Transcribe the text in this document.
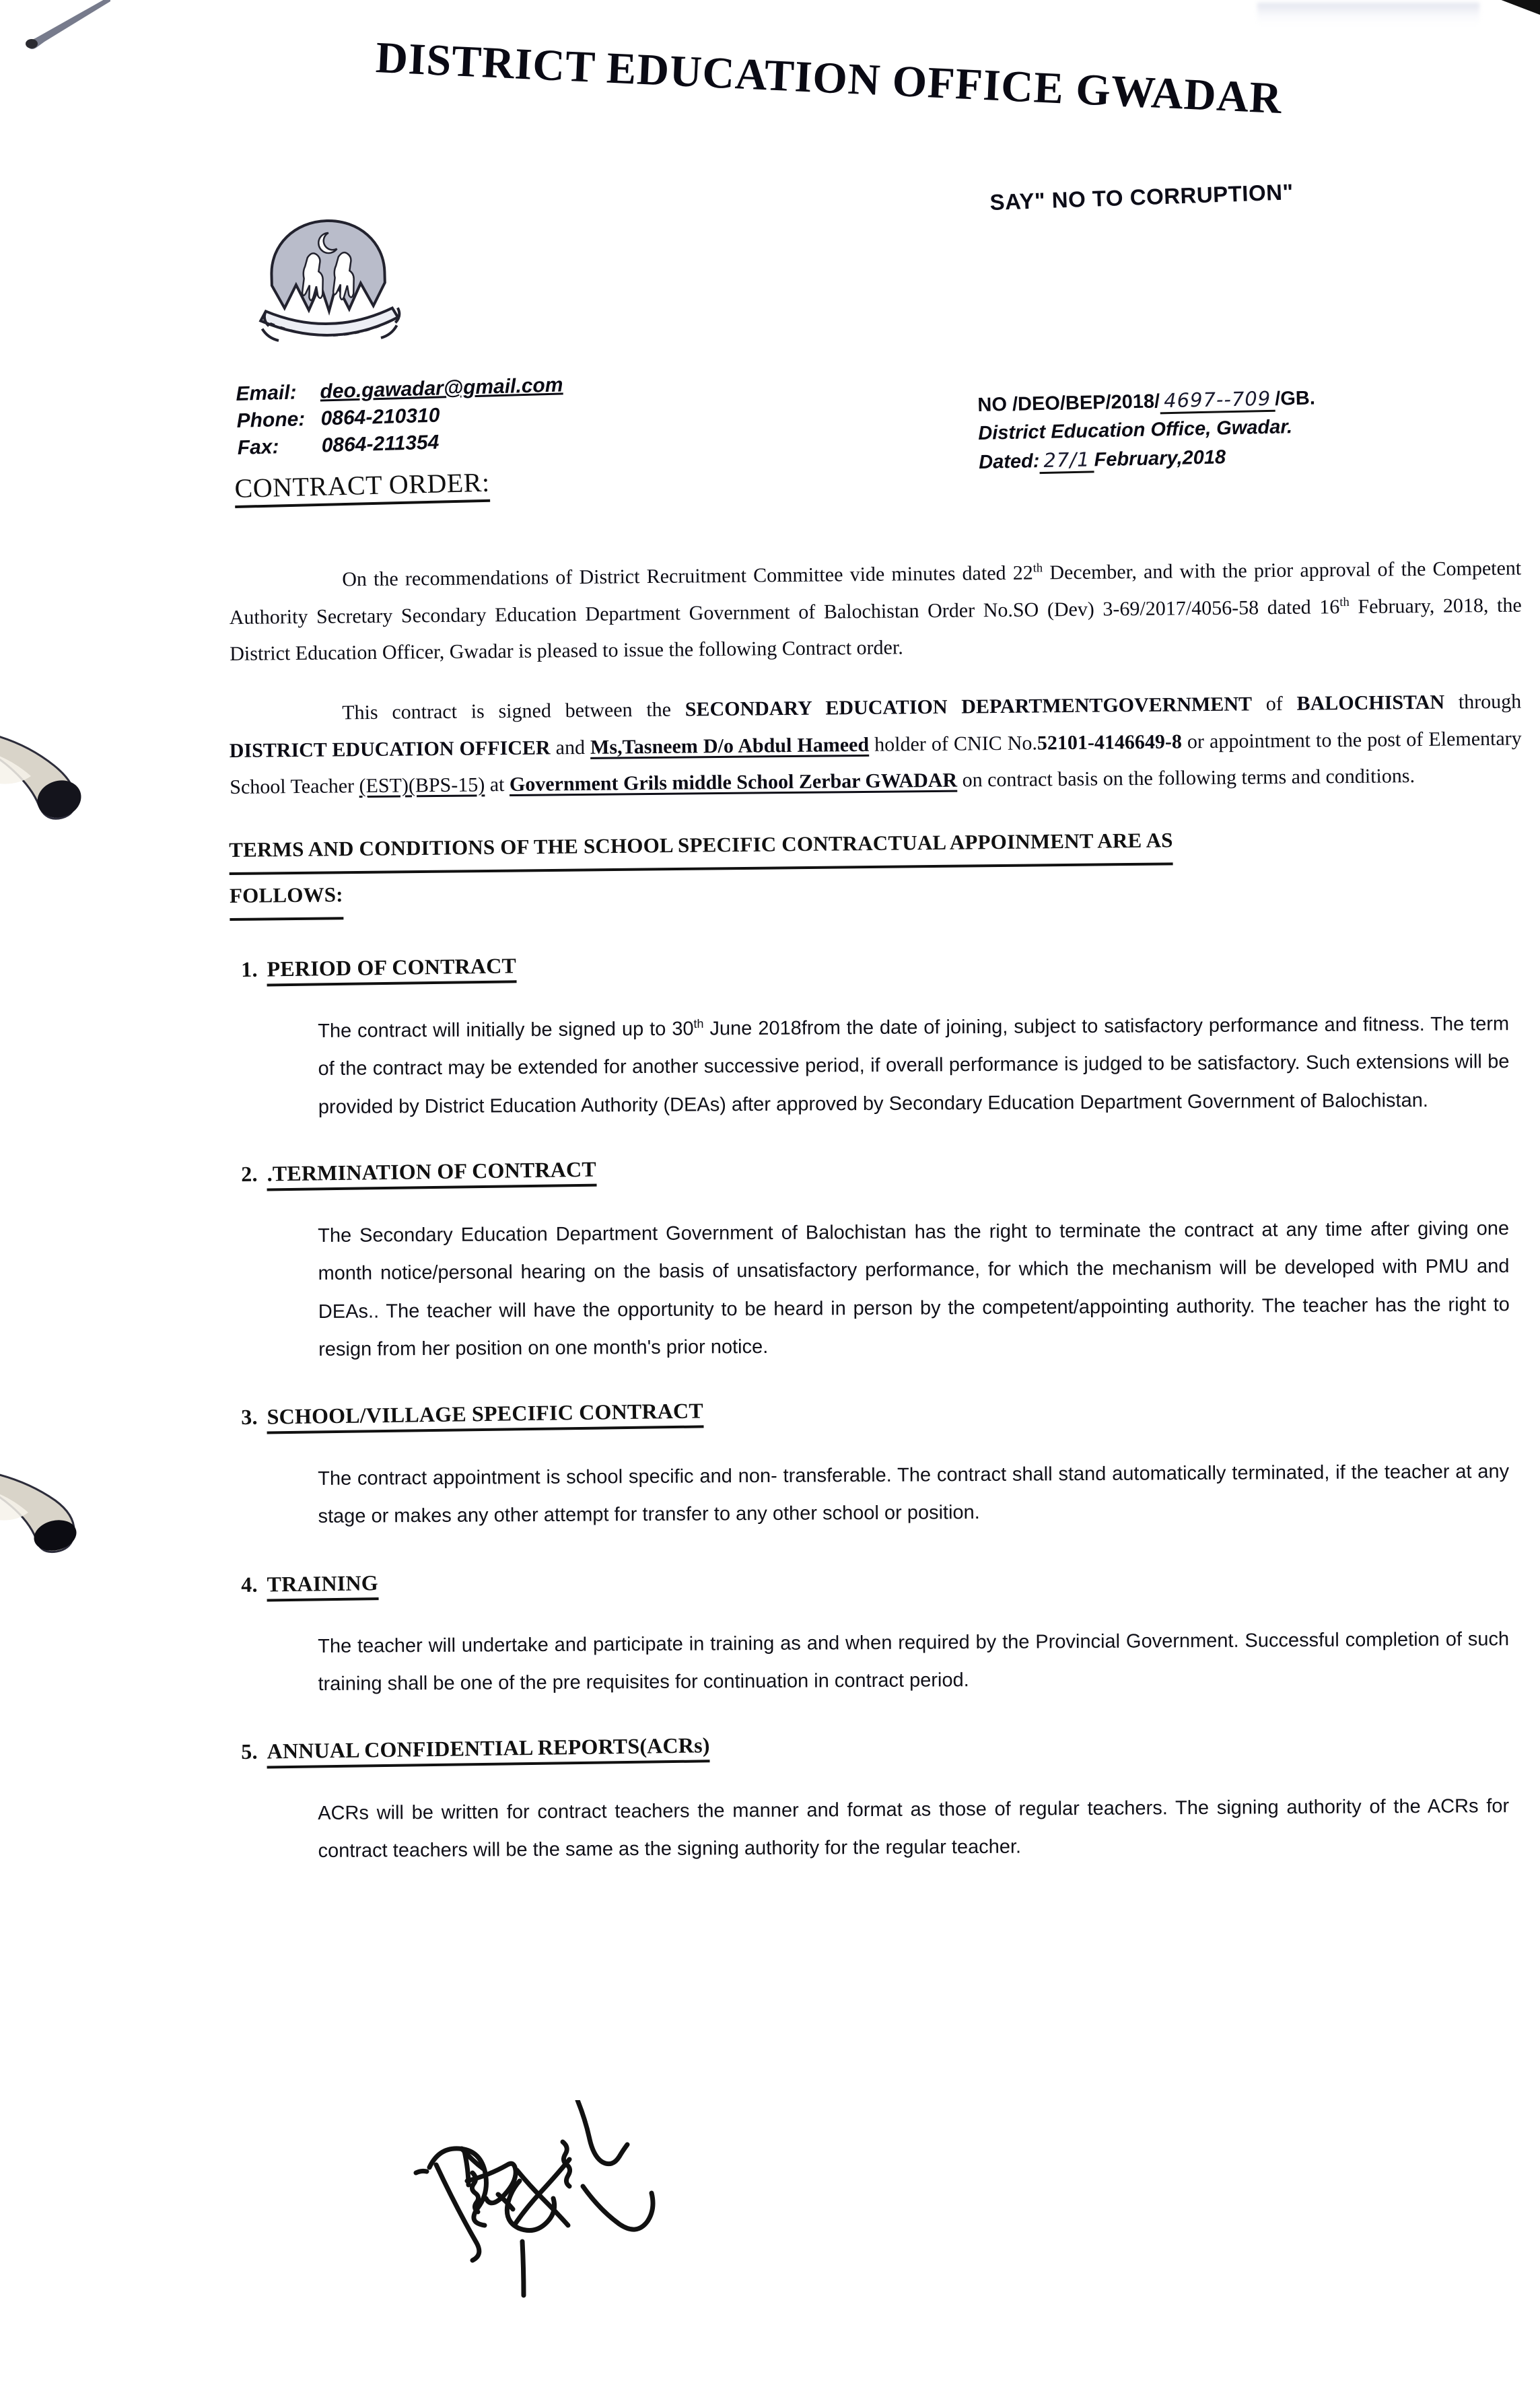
DISTRICT EDUCATION OFFICE GWADAR
SAY" NO TO CORRUPTION"
Email:	deo.gawadar@gmail.com
Phone: 0864-210310
Fax:	0864-211354
NO /DEO/BEP/2018/ 4697--709 /GB.
District Education Office, Gwadar.
Dated: 27/1 February,2018
CONTRACT ORDER:

On the recommendations of District Recruitment Committee vide minutes dated 22th December, and with the prior approval of the Competent Authority Secretary Secondary Education Department Government of Balochistan Order No.SO (Dev) 3-69/2017/4056-58 dated 16th February, 2018, the District Education Officer, Gwadar is pleased to issue the following Contract order.

This contract is signed between the SECONDARY EDUCATION DEPARTMENTGOVERNMENT of BALOCHISTAN through DISTRICT EDUCATION OFFICER and Ms,Tasneem D/o Abdul Hameed holder of CNIC No.52101-4146649-8 or appointment to the post of Elementary School Teacher (EST)(BPS-15) at Government Grils middle School Zerbar GWADAR on contract basis on the following terms and conditions.

TERMS AND CONDITIONS OF THE SCHOOL SPECIFIC CONTRACTUAL APPOINMENT ARE AS
FOLLOWS:
1. PERIOD OF CONTRACT
The contract will initially be signed up to 30th June 2018from the date of joining, subject to satisfactory performance and fitness. The term of the contract may be extended for another successive period, if overall performance is judged to be satisfactory. Such extensions will be provided by District Education Authority (DEAs) after approved by Secondary Education Department Government of Balochistan.
2. .TERMINATION OF CONTRACT
The Secondary Education Department Government of Balochistan has the right to terminate the contract at any time after giving one month notice/personal hearing on the basis of unsatisfactory performance, for which the mechanism will be developed with PMU and DEAs.. The teacher will have the opportunity to be heard in person by the competent/appointing authority. The teacher has the right to resign from her position on one month's prior notice.
3. SCHOOL/VILLAGE SPECIFIC CONTRACT
The contract appointment is school specific and non- transferable. The contract shall stand automatically terminated, if the teacher at any stage or makes any other attempt for transfer to any other school or position.
4. TRAINING
The teacher will undertake and participate in training as and when required by the Provincial Government. Successful completion of such training shall be one of the pre requisites for continuation in contract period.
5. ANNUAL CONFIDENTIAL REPORTS(ACRs)
ACRs will be written for contract teachers the manner and format as those of regular teachers. The signing authority of the ACRs for contract teachers will be the same as the signing authority for the regular teacher.
